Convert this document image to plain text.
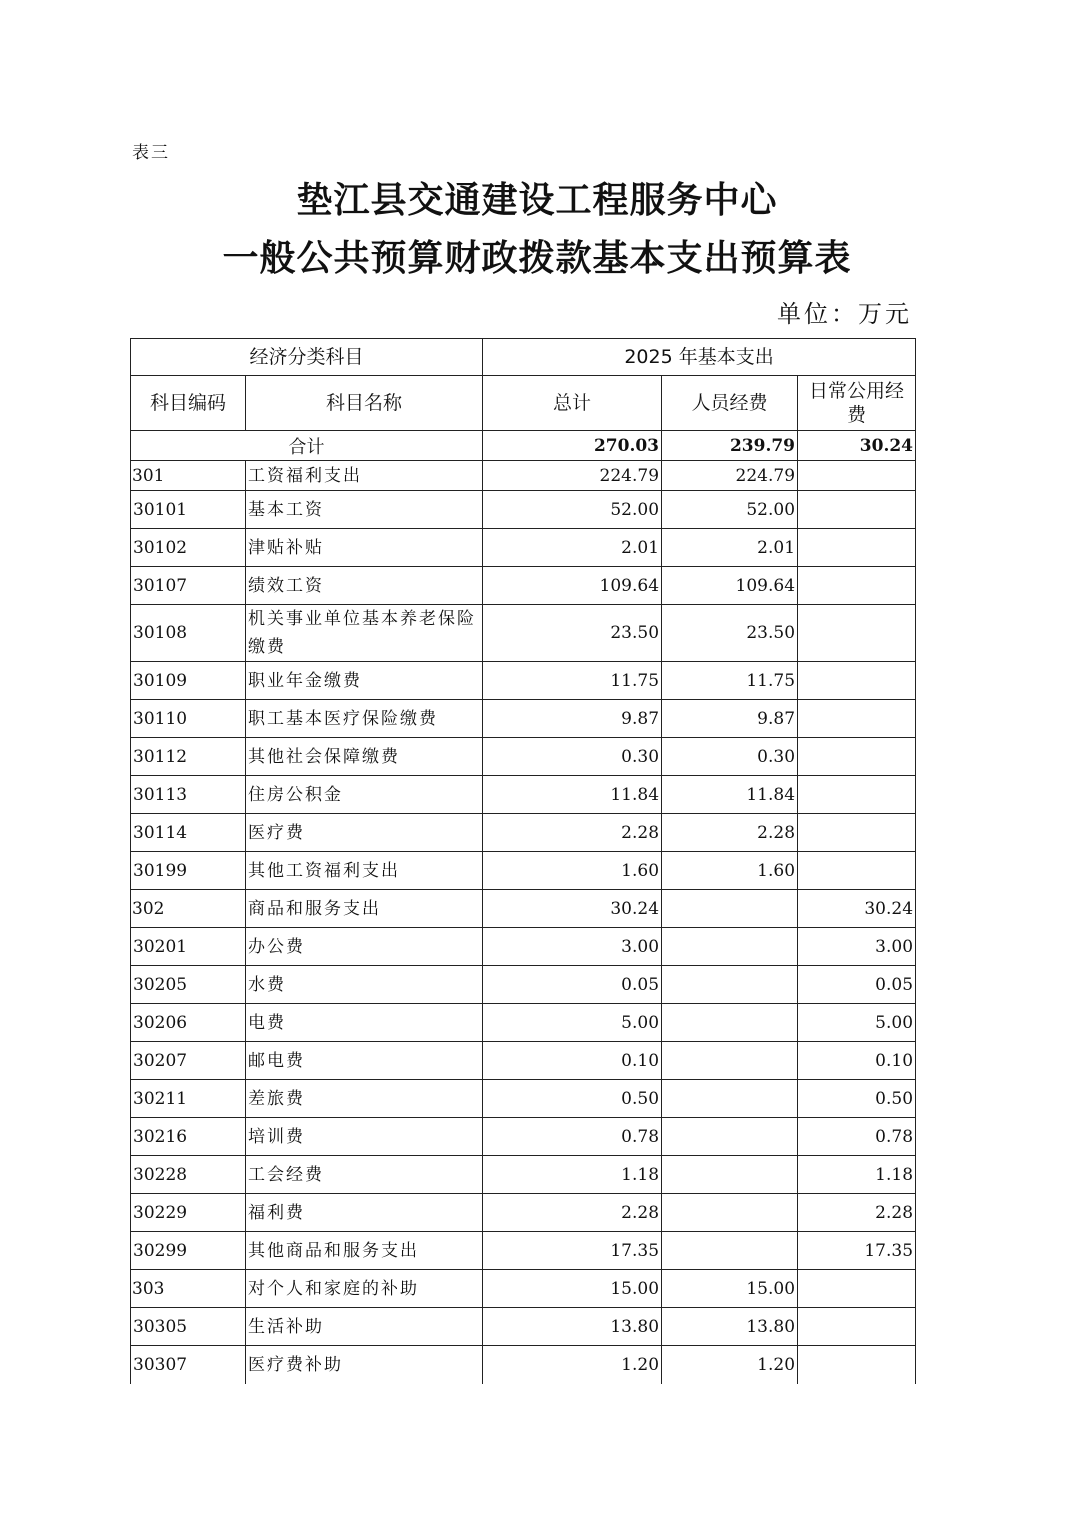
表三
垫江县交通建设工程服务中心
一般公共预算财政拨款基本支出预算表
单位：万元
经济分类科目		2025 年基本支出		
科目编码	科目名称	总计	人员经费	日常公用经费
合计		270.03	239.79	30.24
301	工资福利支出	224.79	224.79	
30101	基本工资	52.00	52.00	
30102	津贴补贴	2.01	2.01	
30107	绩效工资	109.64	109.64	
30108	机关事业单位基本养老保险缴费	23.50	23.50	
30109	职业年金缴费	11.75	11.75	
30110	职工基本医疗保险缴费	9.87	9.87	
30112	其他社会保障缴费	0.30	0.30	
30113	住房公积金	11.84	11.84	
30114	医疗费	2.28	2.28	
30199	其他工资福利支出	1.60	1.60	
302	商品和服务支出	30.24		30.24
30201	办公费	3.00		3.00
30205	水费	0.05		0.05
30206	电费	5.00		5.00
30207	邮电费	0.10		0.10
30211	差旅费	0.50		0.50
30216	培训费	0.78		0.78
30228	工会经费	1.18		1.18
30229	福利费	2.28		2.28
30299	其他商品和服务支出	17.35		17.35
303	对个人和家庭的补助	15.00	15.00	
30305	生活补助	13.80	13.80	
30307	医疗费补助	1.20	1.20	
